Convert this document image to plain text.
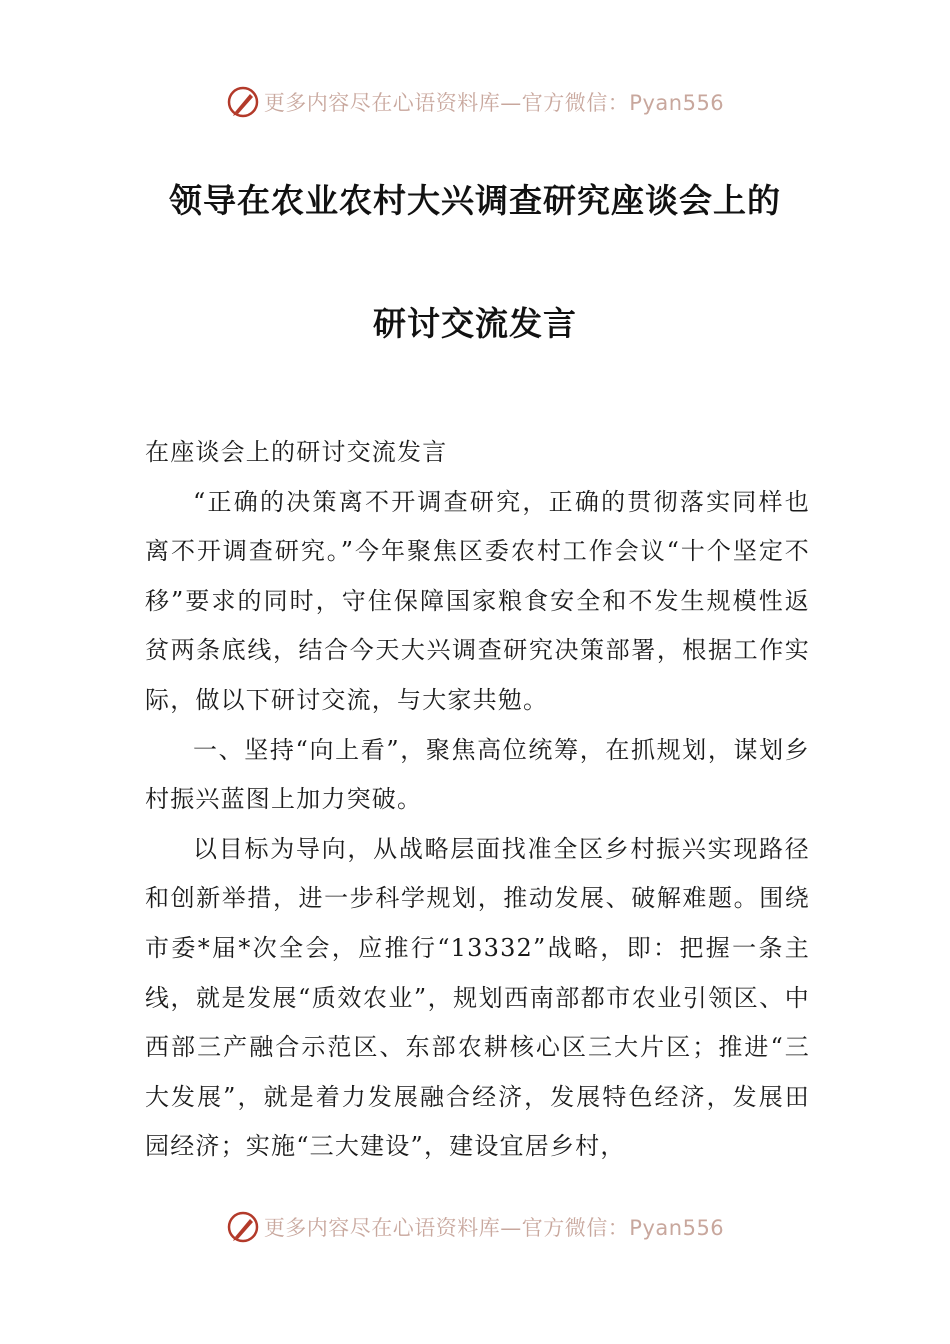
更多内容尽在心语资料库—官方微信：Pyan556
领导在农业农村大兴调查研究座谈会上的
研讨交流发言

在座谈会上的研讨交流发言

“正确的决策离不开调查研究，正确的贯彻落实同样也离不开调查研究。”今年聚焦区委农村工作会议“十个坚定不移”要求的同时，守住保障国家粮食安全和不发生规模性返贫两条底线，结合今天大兴调查研究决策部署，根据工作实际，做以下研讨交流，与大家共勉。

一、坚持“向上看”，聚焦高位统筹，在抓规划，谋划乡村振兴蓝图上加力突破。

以目标为导向，从战略层面找准全区乡村振兴实现路径和创新举措，进一步科学规划，推动发展、破解难题。围绕市委*届*次全会，应推行“13332”战略，即：把握一条主线，就是发展“质效农业”，规划西南部都市农业引领区、中西部三产融合示范区、东部农耕核心区三大片区；推进“三大发展”，就是着力发展融合经济，发展特色经济，发展田园经济；实施“三大建设”，建设宜居乡村，

更多内容尽在心语资料库—官方微信：Pyan556
